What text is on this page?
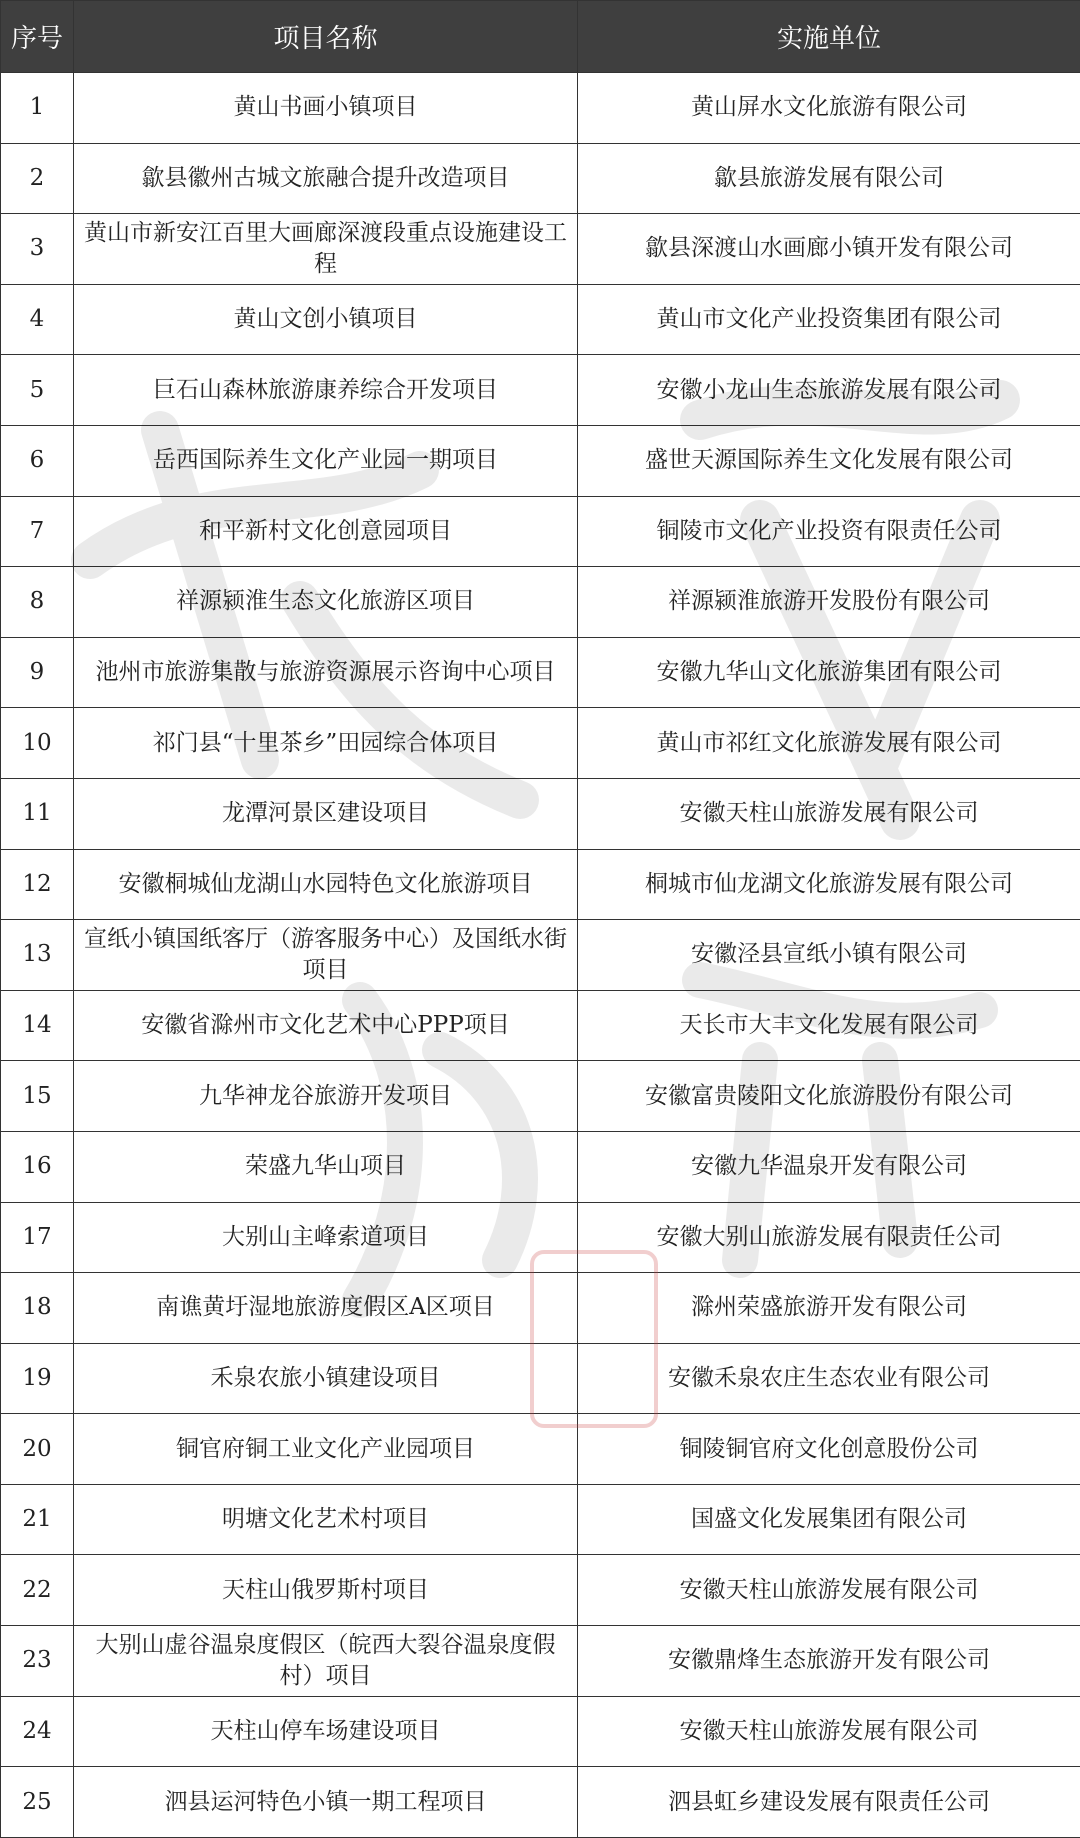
序号	项目名称	实施单位
1	黄山书画小镇项目	黄山屏水文化旅游有限公司
2	歙县徽州古城文旅融合提升改造项目	歙县旅游发展有限公司
3	黄山市新安江百里大画廊深渡段重点设施建设工程	歙县深渡山水画廊小镇开发有限公司
4	黄山文创小镇项目	黄山市文化产业投资集团有限公司
5	巨石山森林旅游康养综合开发项目	安徽小龙山生态旅游发展有限公司
6	岳西国际养生文化产业园一期项目	盛世天源国际养生文化发展有限公司
7	和平新村文化创意园项目	铜陵市文化产业投资有限责任公司
8	祥源颍淮生态文化旅游区项目	祥源颍淮旅游开发股份有限公司
9	池州市旅游集散与旅游资源展示咨询中心项目	安徽九华山文化旅游集团有限公司
10	祁门县“十里茶乡”田园综合体项目	黄山市祁红文化旅游发展有限公司
11	龙潭河景区建设项目	安徽天柱山旅游发展有限公司
12	安徽桐城仙龙湖山水园特色文化旅游项目	桐城市仙龙湖文化旅游发展有限公司
13	宣纸小镇国纸客厅（游客服务中心）及国纸水街项目	安徽泾县宣纸小镇有限公司
14	安徽省滁州市文化艺术中心PPP项目	天长市大丰文化发展有限公司
15	九华神龙谷旅游开发项目	安徽富贵陵阳文化旅游股份有限公司
16	荣盛九华山项目	安徽九华温泉开发有限公司
17	大别山主峰索道项目	安徽大别山旅游发展有限责任公司
18	南谯黄圩湿地旅游度假区A区项目	滁州荣盛旅游开发有限公司
19	禾泉农旅小镇建设项目	安徽禾泉农庄生态农业有限公司
20	铜官府铜工业文化产业园项目	铜陵铜官府文化创意股份公司
21	明塘文化艺术村项目	国盛文化发展集团有限公司
22	天柱山俄罗斯村项目	安徽天柱山旅游发展有限公司
23	大别山虚谷温泉度假区（皖西大裂谷温泉度假村）项目	安徽鼎烽生态旅游开发有限公司
24	天柱山停车场建设项目	安徽天柱山旅游发展有限公司
25	泗县运河特色小镇一期工程项目	泗县虹乡建设发展有限责任公司
